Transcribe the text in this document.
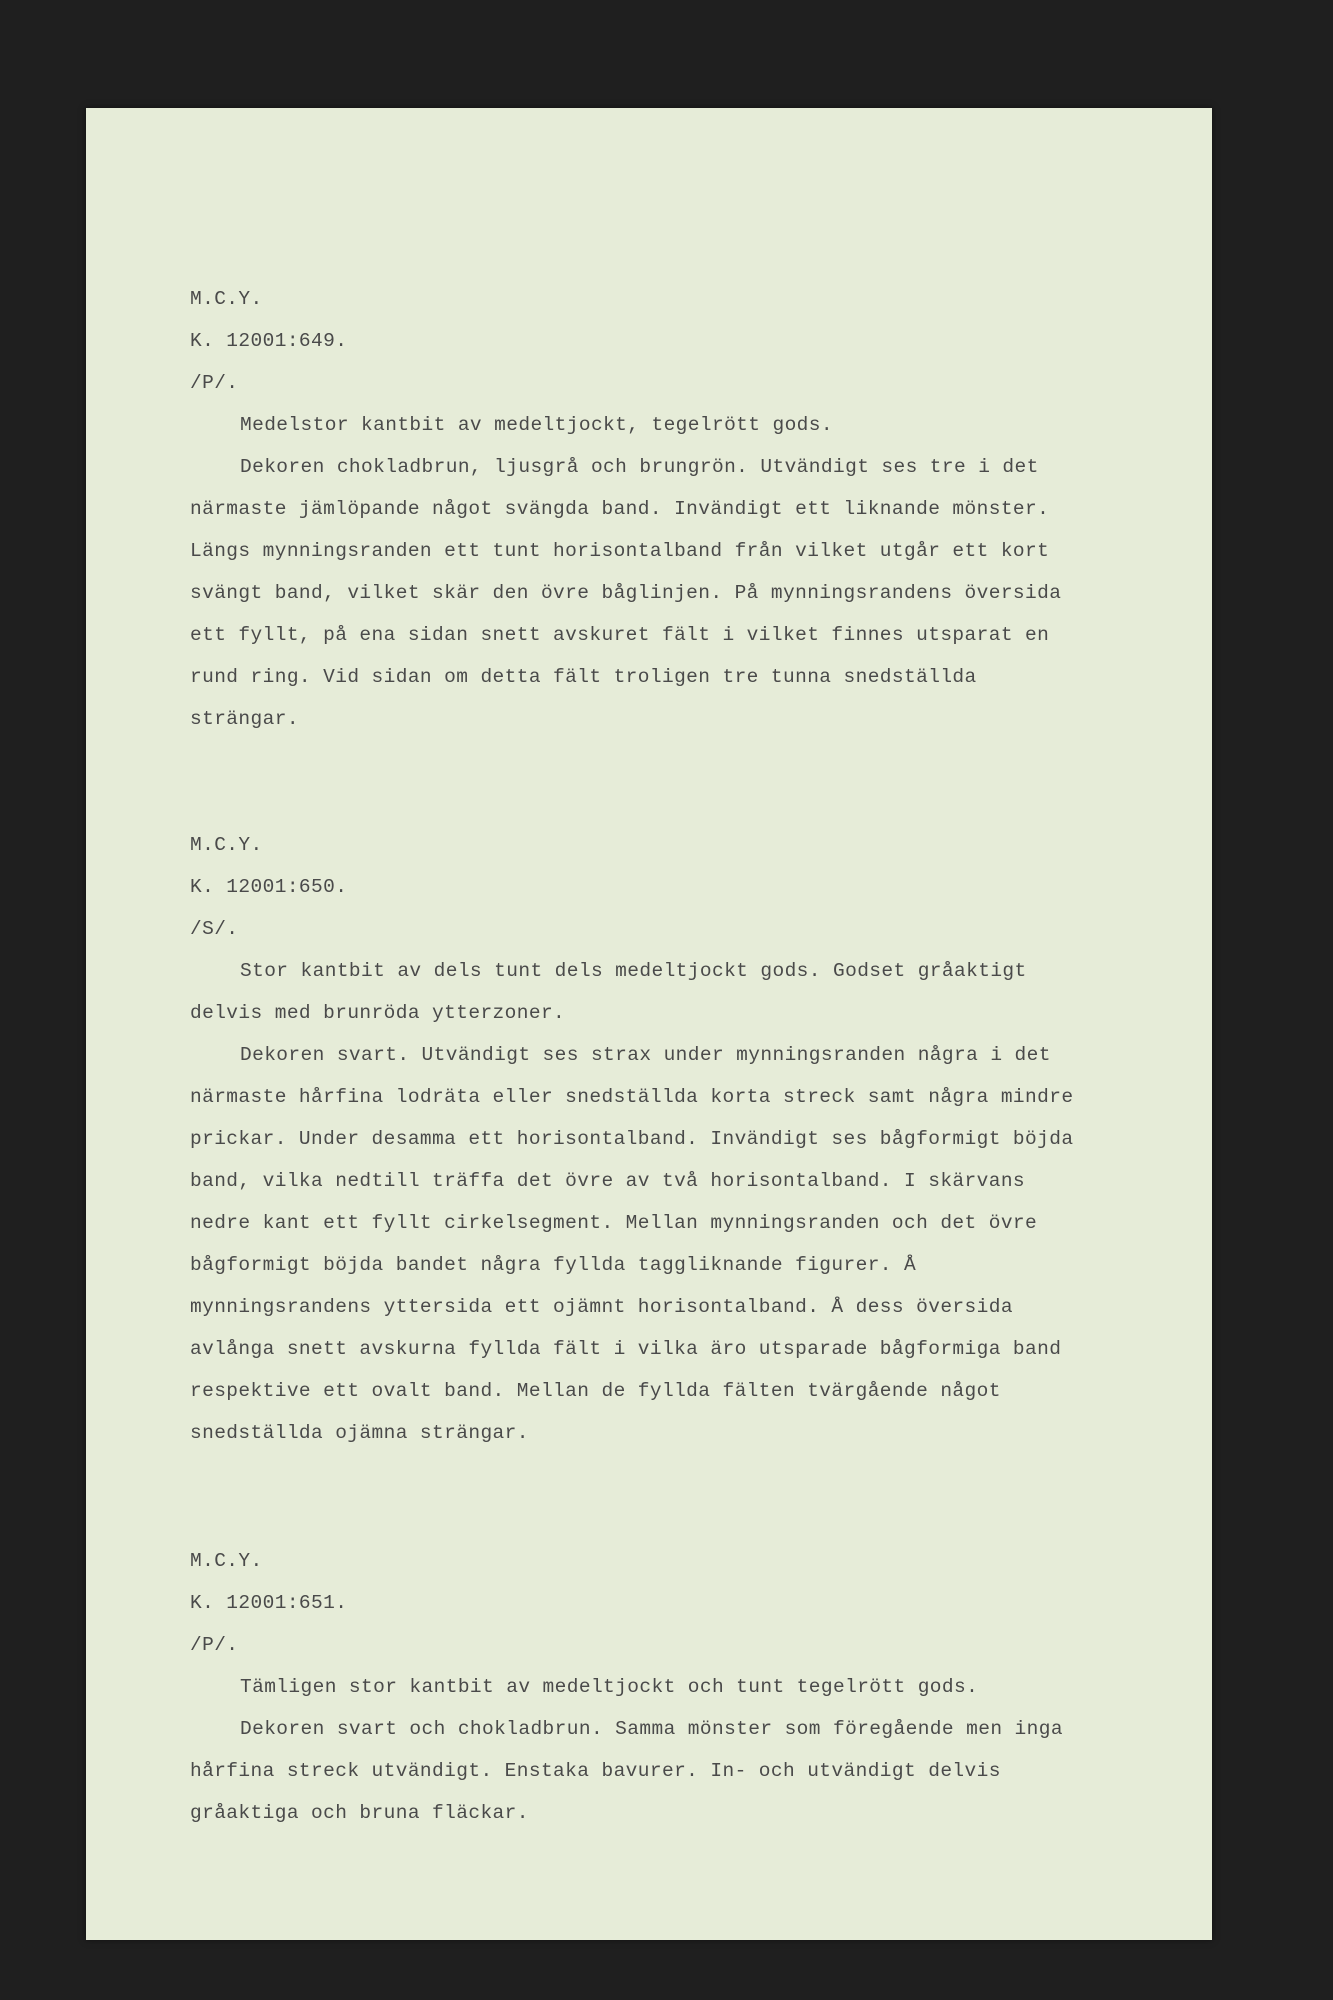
M.C.Y.
K. 12001:649.
/P/.
Medelstor kantbit av medeltjockt, tegelrött gods.
Dekoren chokladbrun, ljusgrå och brungrön. Utvändigt ses tre i det närmaste jämlöpande något svängda band. Invändigt ett liknande mönster. Längs mynningsranden ett tunt horisontalband från vilket utgår ett kort svängt band, vilket skär den övre båglinjen. På mynningsrandens översida ett fyllt, på ena sidan snett avskuret fält i vilket finnes utsparat en rund ring. Vid sidan om detta fält troligen tre tunna snedställda strängar.
M.C.Y.
K. 12001:650.
/S/.
Stor kantbit av dels tunt dels medeltjockt gods. Godset gråaktigt delvis med brunröda ytterzoner.
Dekoren svart. Utvändigt ses strax under mynningsranden några i det närmaste hårfina lodräta eller snedställda korta streck samt några mindre prickar. Under desamma ett horisontalband. Invändigt ses bågformigt böjda band, vilka nedtill träffa det övre av två horisontalband. I skärvans nedre kant ett fyllt cirkelsegment. Mellan mynningsranden och det övre bågformigt böjda bandet några fyllda taggliknande figurer. Å mynningsrandens yttersida ett ojämnt horisontalband. Å dess översida avlånga snett avskurna fyllda fält i vilka äro utsparade bågformiga band respektive ett ovalt band. Mellan de fyllda fälten tvärgående något snedställda ojämna strängar.
M.C.Y.
K. 12001:651.
/P/.
Tämligen stor kantbit av medeltjockt och tunt tegelrött gods.
Dekoren svart och chokladbrun. Samma mönster som föregående men inga hårfina streck utvändigt. Enstaka bavurer. In- och utvändigt delvis gråaktiga och bruna fläckar.
